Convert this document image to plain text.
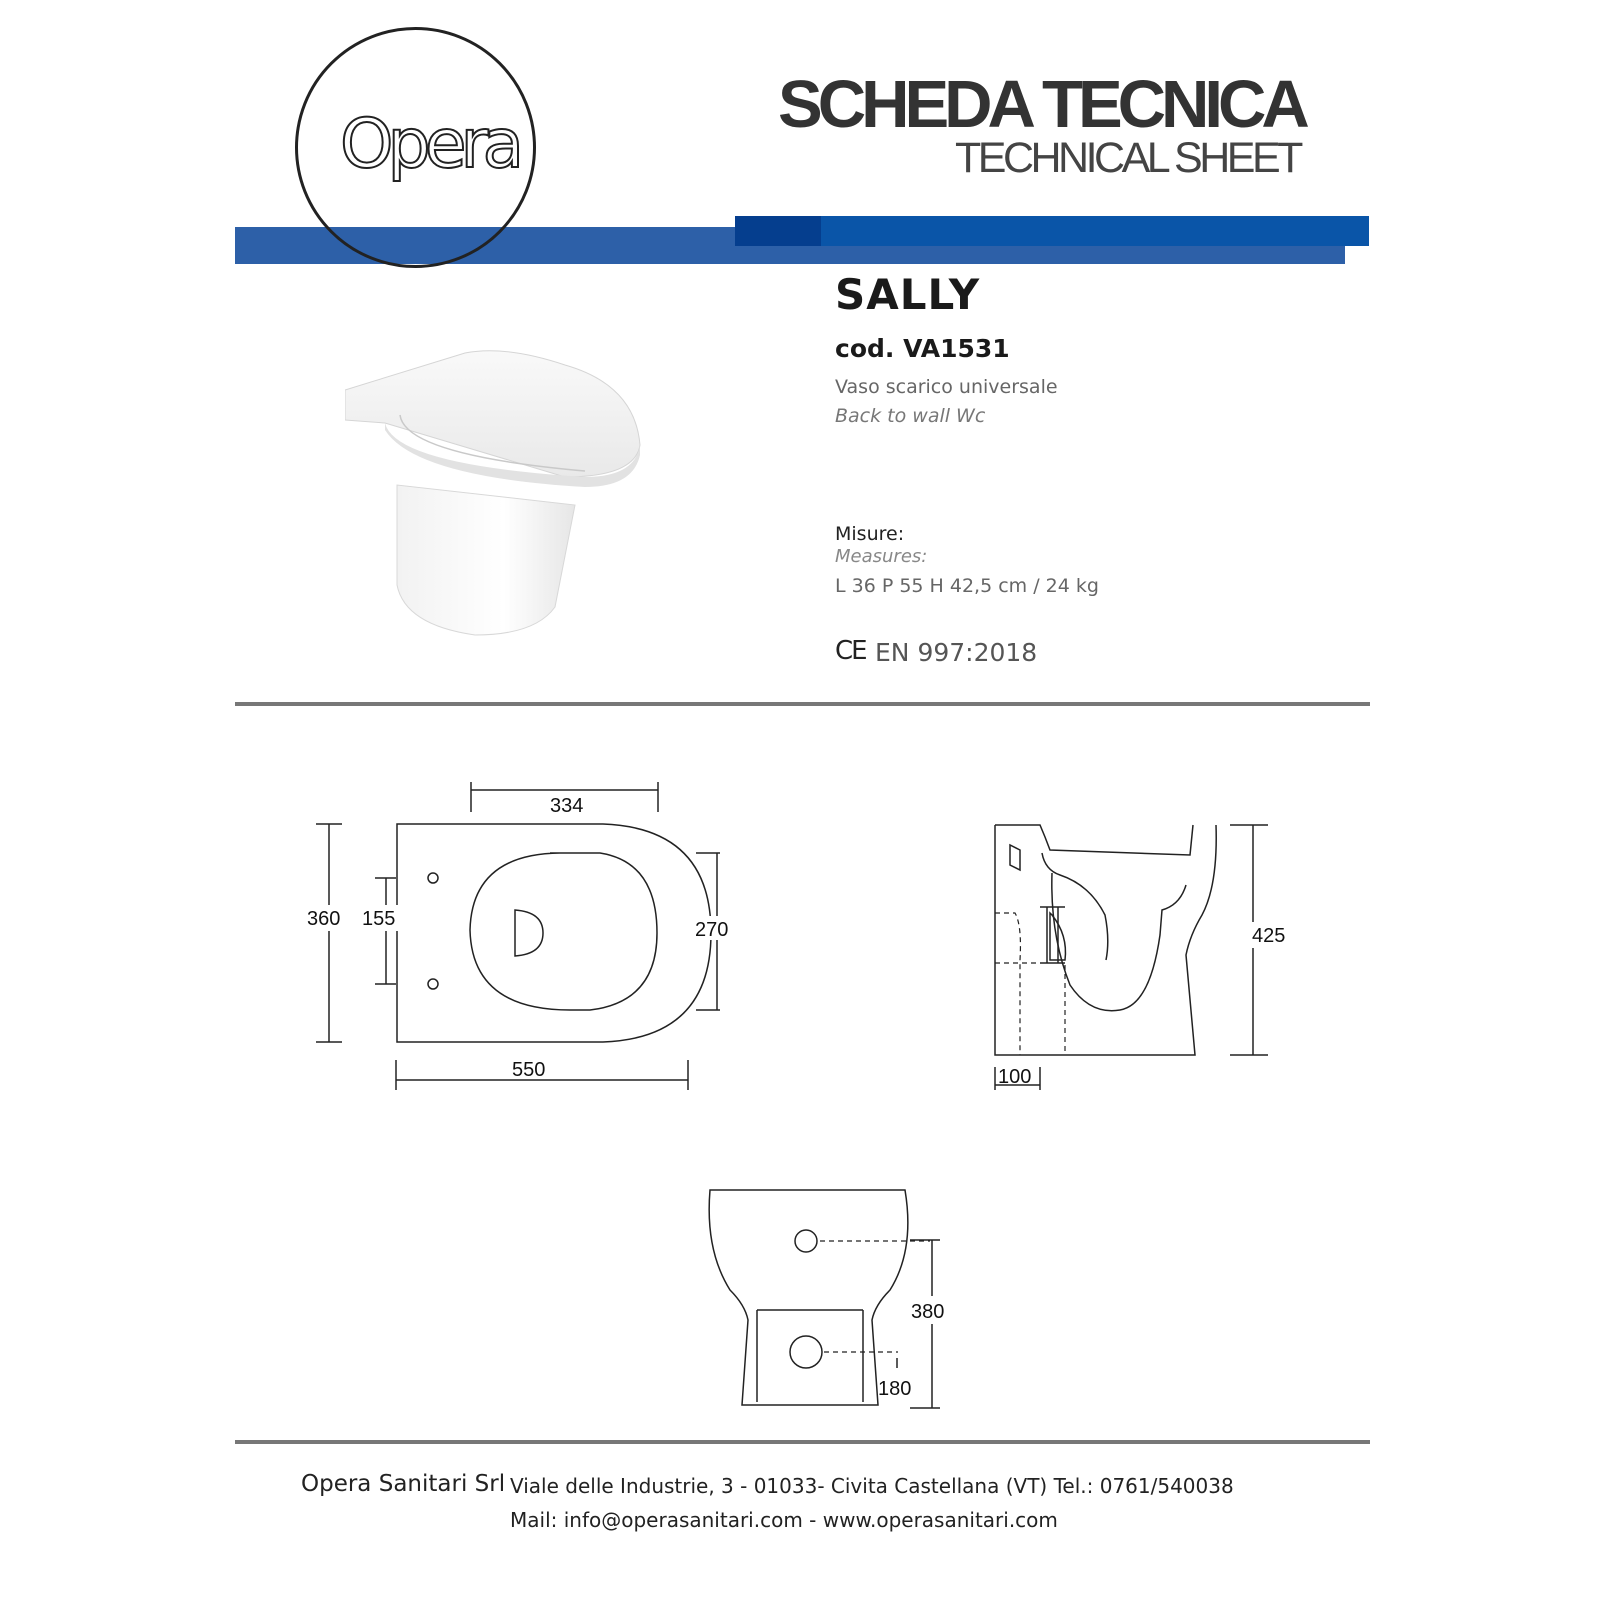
Opera
SCHEDA TECNICA
TECHNICAL SHEET
SALLY
cod. VA1531
Vaso scarico universale
Back to wall Wc
Misure:
Measures:
L 36 P 55 H 42,5 cm / 24 kg
CE EN 997:2018
334
360 155	270
550
425
100
380
180
Opera Sanitari Srl Viale delle Industrie, 3 - 01033- Civita Castellana (VT) Tel.: 0761/540038
Mail: info@operasanitari.com - www.operasanitari.com
